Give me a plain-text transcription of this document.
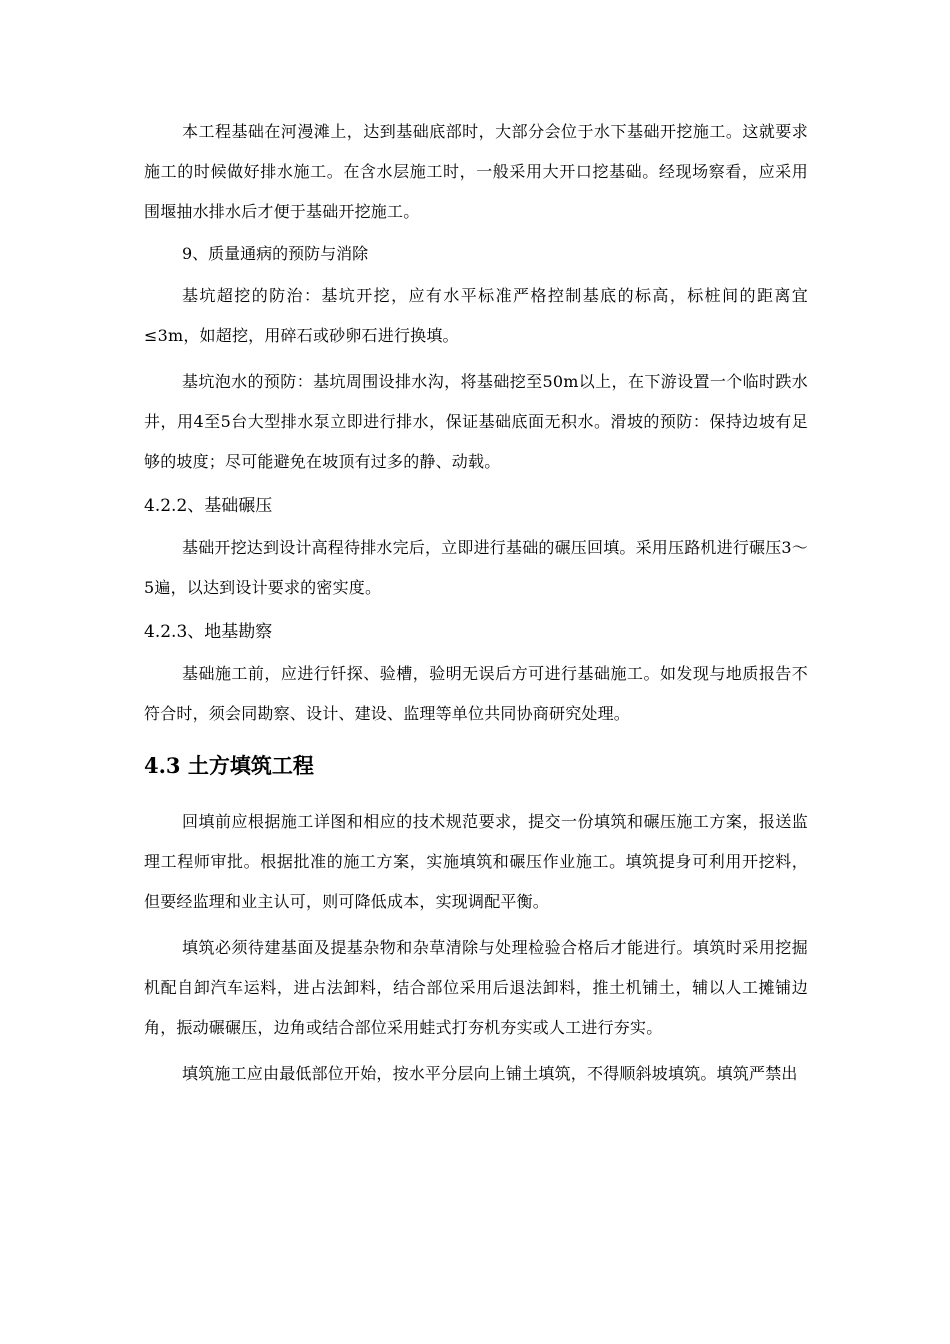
本工程基础在河漫滩上，达到基础底部时，大部分会位于水下基础开挖施工。这就要求施工的时候做好排水施工。在含水层施工时，一般采用大开口挖基础。经现场察看，应采用围堰抽水排水后才便于基础开挖施工。

9、质量通病的预防与消除

基坑超挖的防治：基坑开挖，应有水平标准严格控制基底的标高，标桩间的距离宜≤3m，如超挖，用碎石或砂卵石进行换填。

基坑泡水的预防：基坑周围设排水沟，将基础挖至50m以上，在下游设置一个临时跌水井，用4至5台大型排水泵立即进行排水，保证基础底面无积水。滑坡的预防：保持边坡有足够的坡度；尽可能避免在坡顶有过多的静、动载。

4.2.2、基础碾压

基础开挖达到设计高程待排水完后，立即进行基础的碾压回填。采用压路机进行碾压3～5遍，以达到设计要求的密实度。

4.2.3、地基勘察

基础施工前，应进行钎探、验槽，验明无误后方可进行基础施工。如发现与地质报告不符合时，须会同勘察、设计、建设、监理等单位共同协商研究处理。

4.3 土方填筑工程

回填前应根据施工详图和相应的技术规范要求，提交一份填筑和碾压施工方案，报送监理工程师审批。根据批准的施工方案，实施填筑和碾压作业施工。填筑提身可利用开挖料，但要经监理和业主认可，则可降低成本，实现调配平衡。

填筑必须待建基面及提基杂物和杂草清除与处理检验合格后才能进行。填筑时采用挖掘机配自卸汽车运料，进占法卸料，结合部位采用后退法卸料，推土机铺土，辅以人工摊铺边角，振动碾碾压，边角或结合部位采用蛙式打夯机夯实或人工进行夯实。

填筑施工应由最低部位开始，按水平分层向上铺土填筑，不得顺斜坡填筑。填筑严禁出
